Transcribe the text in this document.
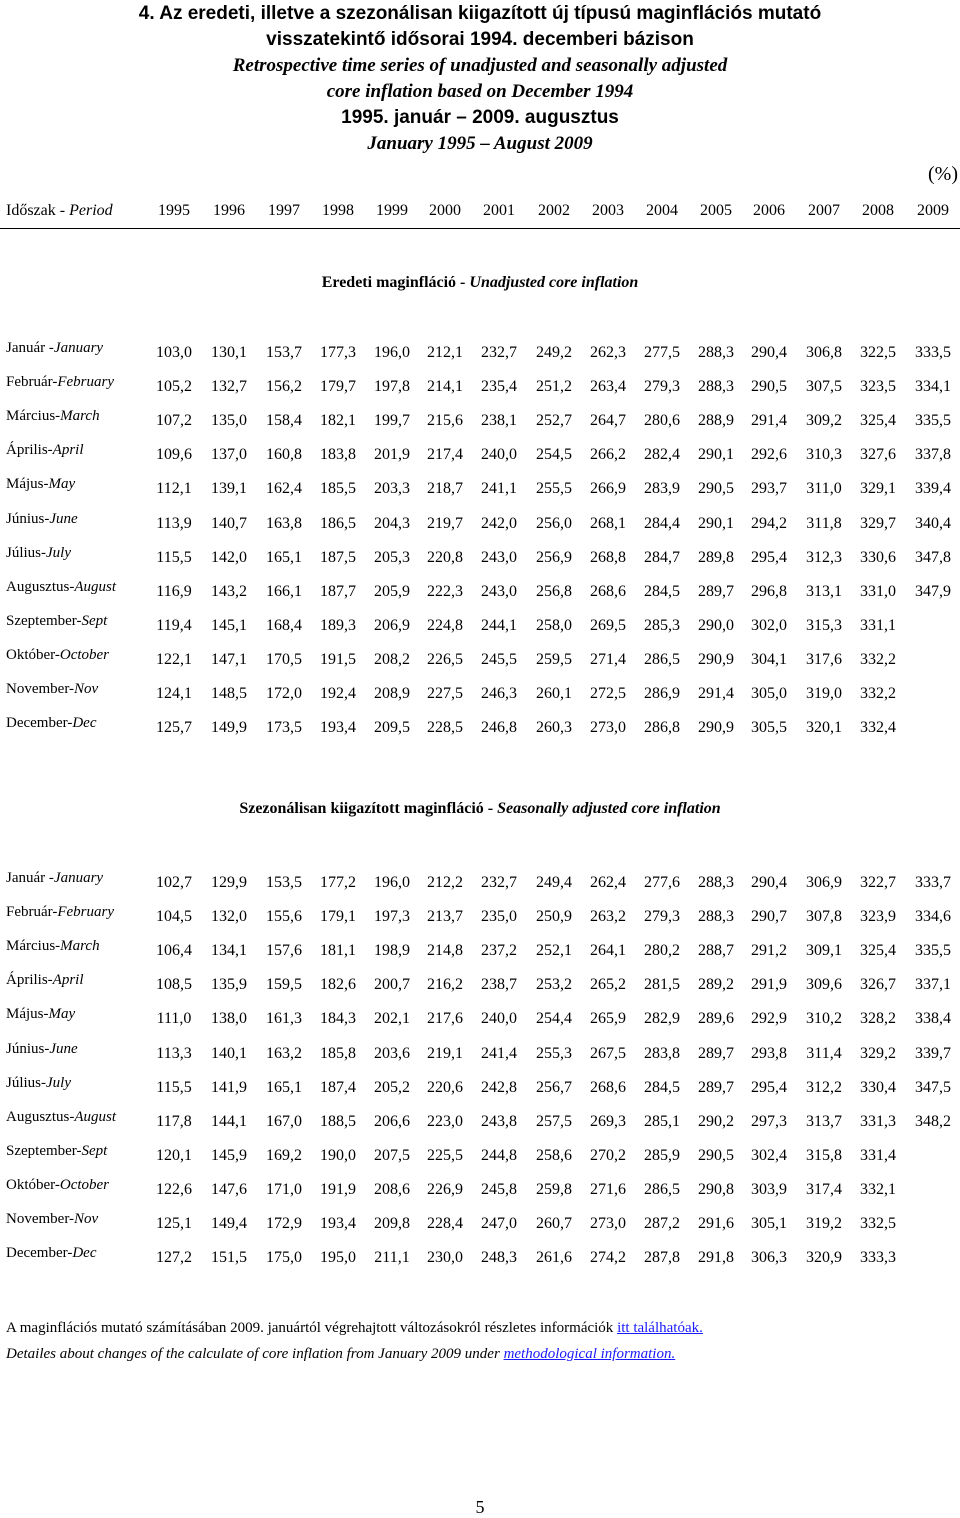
4. Az eredeti, illetve a szezonálisan kiigazított új típusú maginflációs mutató
visszatekintő idősorai 1994. decemberi bázison
Retrospective time series of unadjusted and seasonally adjusted
core inflation based on December 1994
1995. január – 2009. augusztus
January 1995 – August 2009
(%)
Időszak - Period	1995	1996	1997	1998	1999	2000	2001	2002	2003	2004	2005	2006	2007	2008	2009
Eredeti maginfláció - Unadjusted core inflation
Január -January	103,0	130,1	153,7	177,3	196,0	212,1	232,7	249,2	262,3	277,5	288,3	290,4	306,8	322,5	333,5
Február-February	105,2	132,7	156,2	179,7	197,8	214,1	235,4	251,2	263,4	279,3	288,3	290,5	307,5	323,5	334,1
Március-March	107,2	135,0	158,4	182,1	199,7	215,6	238,1	252,7	264,7	280,6	288,9	291,4	309,2	325,4	335,5
Április-April	109,6	137,0	160,8	183,8	201,9	217,4	240,0	254,5	266,2	282,4	290,1	292,6	310,3	327,6	337,8
Május-May	112,1	139,1	162,4	185,5	203,3	218,7	241,1	255,5	266,9	283,9	290,5	293,7	311,0	329,1	339,4
Június-June	113,9	140,7	163,8	186,5	204,3	219,7	242,0	256,0	268,1	284,4	290,1	294,2	311,8	329,7	340,4
Július-July	115,5	142,0	165,1	187,5	205,3	220,8	243,0	256,9	268,8	284,7	289,8	295,4	312,3	330,6	347,8
Augusztus-August	116,9	143,2	166,1	187,7	205,9	222,3	243,0	256,8	268,6	284,5	289,7	296,8	313,1	331,0	347,9
Szeptember-Sept	119,4	145,1	168,4	189,3	206,9	224,8	244,1	258,0	269,5	285,3	290,0	302,0	315,3	331,1
Október-October	122,1	147,1	170,5	191,5	208,2	226,5	245,5	259,5	271,4	286,5	290,9	304,1	317,6	332,2
November-Nov	124,1	148,5	172,0	192,4	208,9	227,5	246,3	260,1	272,5	286,9	291,4	305,0	319,0	332,2
December-Dec	125,7	149,9	173,5	193,4	209,5	228,5	246,8	260,3	273,0	286,8	290,9	305,5	320,1	332,4
Szezonálisan kiigazított maginfláció - Seasonally adjusted core inflation
Január -January	102,7	129,9	153,5	177,2	196,0	212,2	232,7	249,4	262,4	277,6	288,3	290,4	306,9	322,7	333,7
Február-February	104,5	132,0	155,6	179,1	197,3	213,7	235,0	250,9	263,2	279,3	288,3	290,7	307,8	323,9	334,6
Március-March	106,4	134,1	157,6	181,1	198,9	214,8	237,2	252,1	264,1	280,2	288,7	291,2	309,1	325,4	335,5
Április-April	108,5	135,9	159,5	182,6	200,7	216,2	238,7	253,2	265,2	281,5	289,2	291,9	309,6	326,7	337,1
Május-May	111,0	138,0	161,3	184,3	202,1	217,6	240,0	254,4	265,9	282,9	289,6	292,9	310,2	328,2	338,4
Június-June	113,3	140,1	163,2	185,8	203,6	219,1	241,4	255,3	267,5	283,8	289,7	293,8	311,4	329,2	339,7
Július-July	115,5	141,9	165,1	187,4	205,2	220,6	242,8	256,7	268,6	284,5	289,7	295,4	312,2	330,4	347,5
Augusztus-August	117,8	144,1	167,0	188,5	206,6	223,0	243,8	257,5	269,3	285,1	290,2	297,3	313,7	331,3	348,2
Szeptember-Sept	120,1	145,9	169,2	190,0	207,5	225,5	244,8	258,6	270,2	285,9	290,5	302,4	315,8	331,4
Október-October	122,6	147,6	171,0	191,9	208,6	226,9	245,8	259,8	271,6	286,5	290,8	303,9	317,4	332,1
November-Nov	125,1	149,4	172,9	193,4	209,8	228,4	247,0	260,7	273,0	287,2	291,6	305,1	319,2	332,5
December-Dec	127,2	151,5	175,0	195,0	211,1	230,0	248,3	261,6	274,2	287,8	291,8	306,3	320,9	333,3
A maginflációs mutató számításában 2009. januártól végrehajtott változásokról részletes információk itt találhatóak.
Detailes about changes of the calculate of core inflation from January 2009 under methodological information.
5
